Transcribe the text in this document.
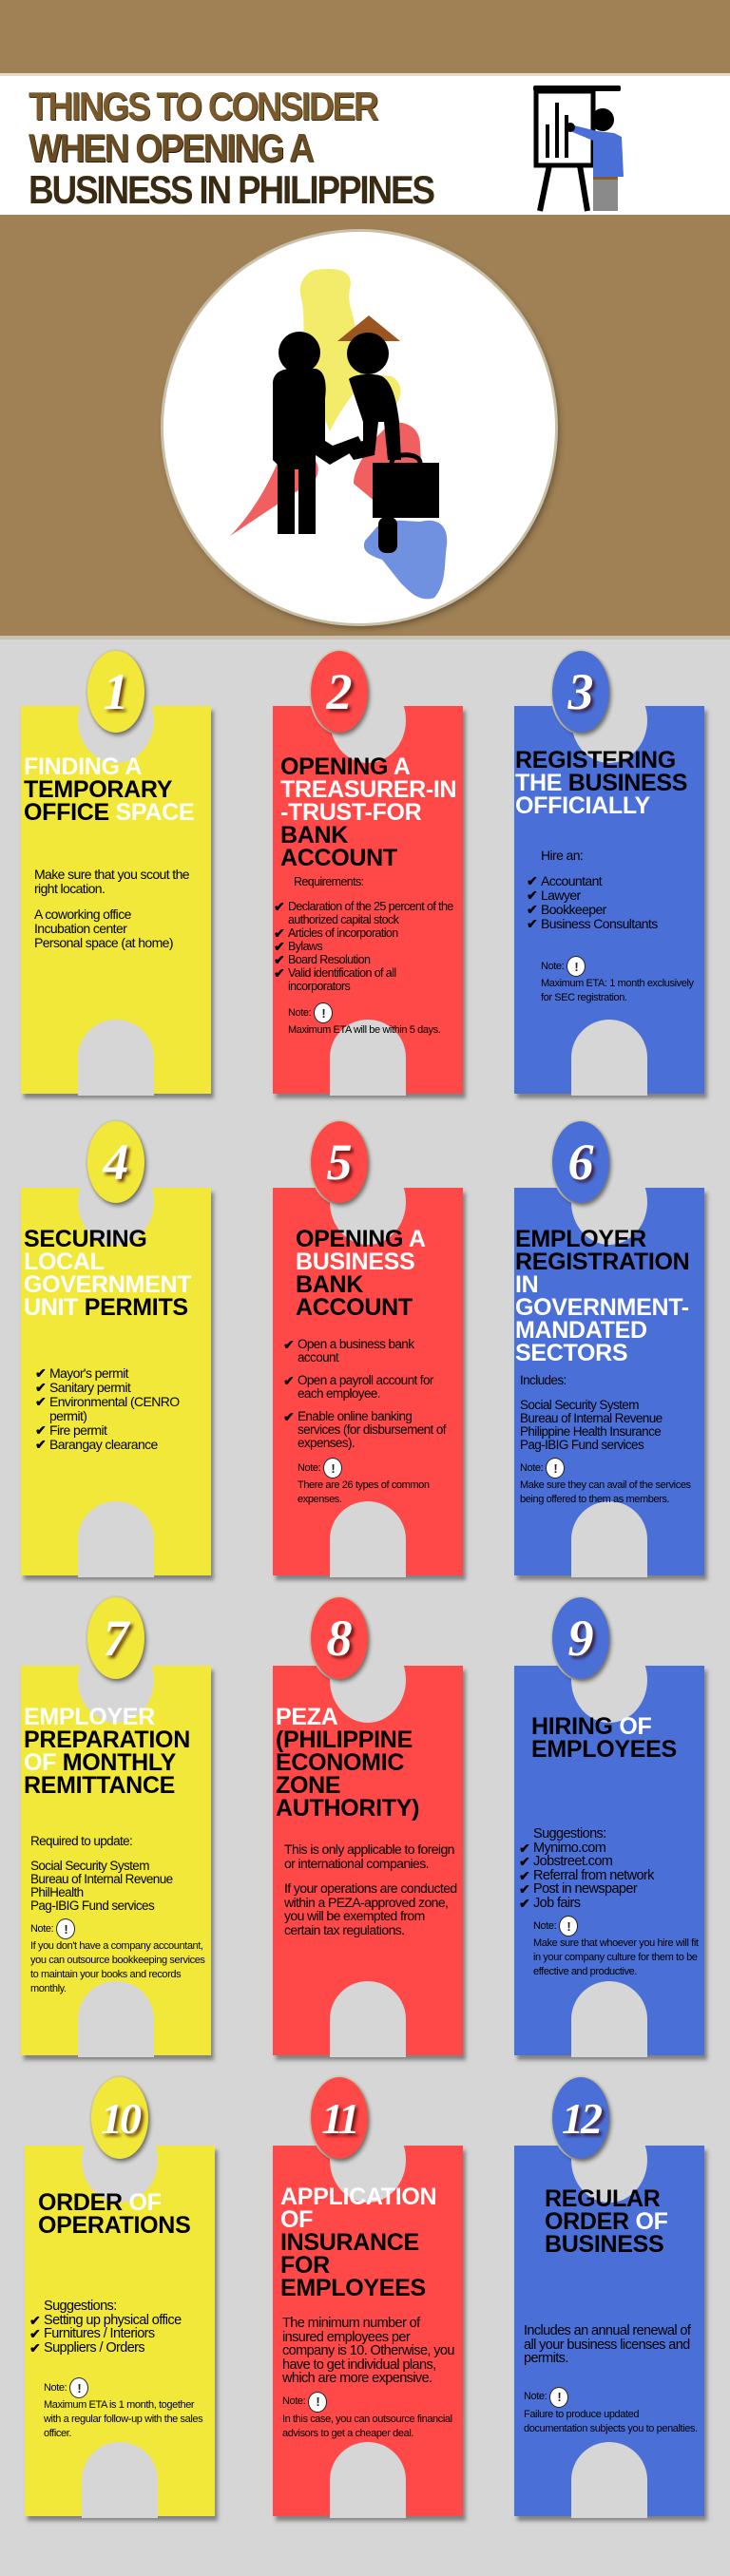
THINGS TO CONSIDER
WHEN OPENING A
BUSINESS IN PHILIPPINES
FINDING A
TEMPORARY
OFFICE SPACE

Make sure that you scout the right location.

A coworking office
Incubation center
Personal space (at home)
1
OPENING A
TREASURER-IN
-TRUST-FOR
BANK
ACCOUNT

Requirements:

✔ Declaration of the 25 percent of the authorized capital stock
✔ Articles of incorporation
✔ Bylaws
✔ Board Resolution
✔ Valid identification of all incorporators
Note: !
Maximum ETA will be within 5 days.
2
REGISTERING
THE BUSINESS
OFFICIALLY

Hire an:

✔ Accountant
✔ Lawyer
✔ Bookkeeper
✔ Business Consultants
Note: !
Maximum ETA: 1 month exclusively for SEC registration.
3
SECURING
LOCAL
GOVERNMENT
UNIT PERMITS
✔ Mayor's permit
✔ Sanitary permit
✔ Environmental (CENRO permit)
✔ Fire permit
✔ Barangay clearance
4
OPENING A
BUSINESS
BANK
ACCOUNT
✔ Open a business bank account
✔ Open a payroll account for each employee.
✔ Enable online banking services (for disbursement of expenses).
Note: !
There are 26 types of common expenses.
5
EMPLOYER
REGISTRATION
IN
GOVERNMENT-
MANDATED
SECTORS

Includes:

Social Security System
Bureau of Internal Revenue
Philippine Health Insurance
Pag-IBIG Fund services
Note: !
Make sure they can avail of the services being offered to them as members.
6
EMPLOYER
PREPARATION
OF MONTHLY
REMITTANCE

Required to update:

Social Security System
Bureau of Internal Revenue
PhilHealth
Pag-IBIG Fund services
Note: !
If you don't have a company accountant, you can outsource bookkeeping services to maintain your books and records monthly.
7
PEZA
(PHILIPPINE
ECONOMIC
ZONE
AUTHORITY)

This is only applicable to foreign or international companies.

If your operations are conducted within a PEZA-approved zone, you will be exempted from certain tax regulations.

8
HIRING OF
EMPLOYEES

Suggestions:

✔ Mynimo.com
✔ Jobstreet.com
✔ Referral from network
✔ Post in newspaper
✔ Job fairs
Note: !
Make sure that whoever you hire will fit in your company culture for them to be effective and productive.
9
ORDER OF
OPERATIONS

Suggestions:

✔ Setting up physical office
✔ Furnitures / Interiors
✔ Suppliers / Orders
Note: !
Maximum ETA is 1 month, together with a regular follow-up with the sales officer.
10
APPLICATION
OF
INSURANCE
FOR
EMPLOYEES

The minimum number of insured employees per company is 10. Otherwise, you have to get individual plans, which are more expensive.

Note: !
In this case, you can outsource financial advisors to get a cheaper deal.
11
REGULAR
ORDER OF
BUSINESS

Includes an annual renewal of all your business licenses and permits.

Note: !
Failure to produce updated documentation subjects you to penalties.
12
